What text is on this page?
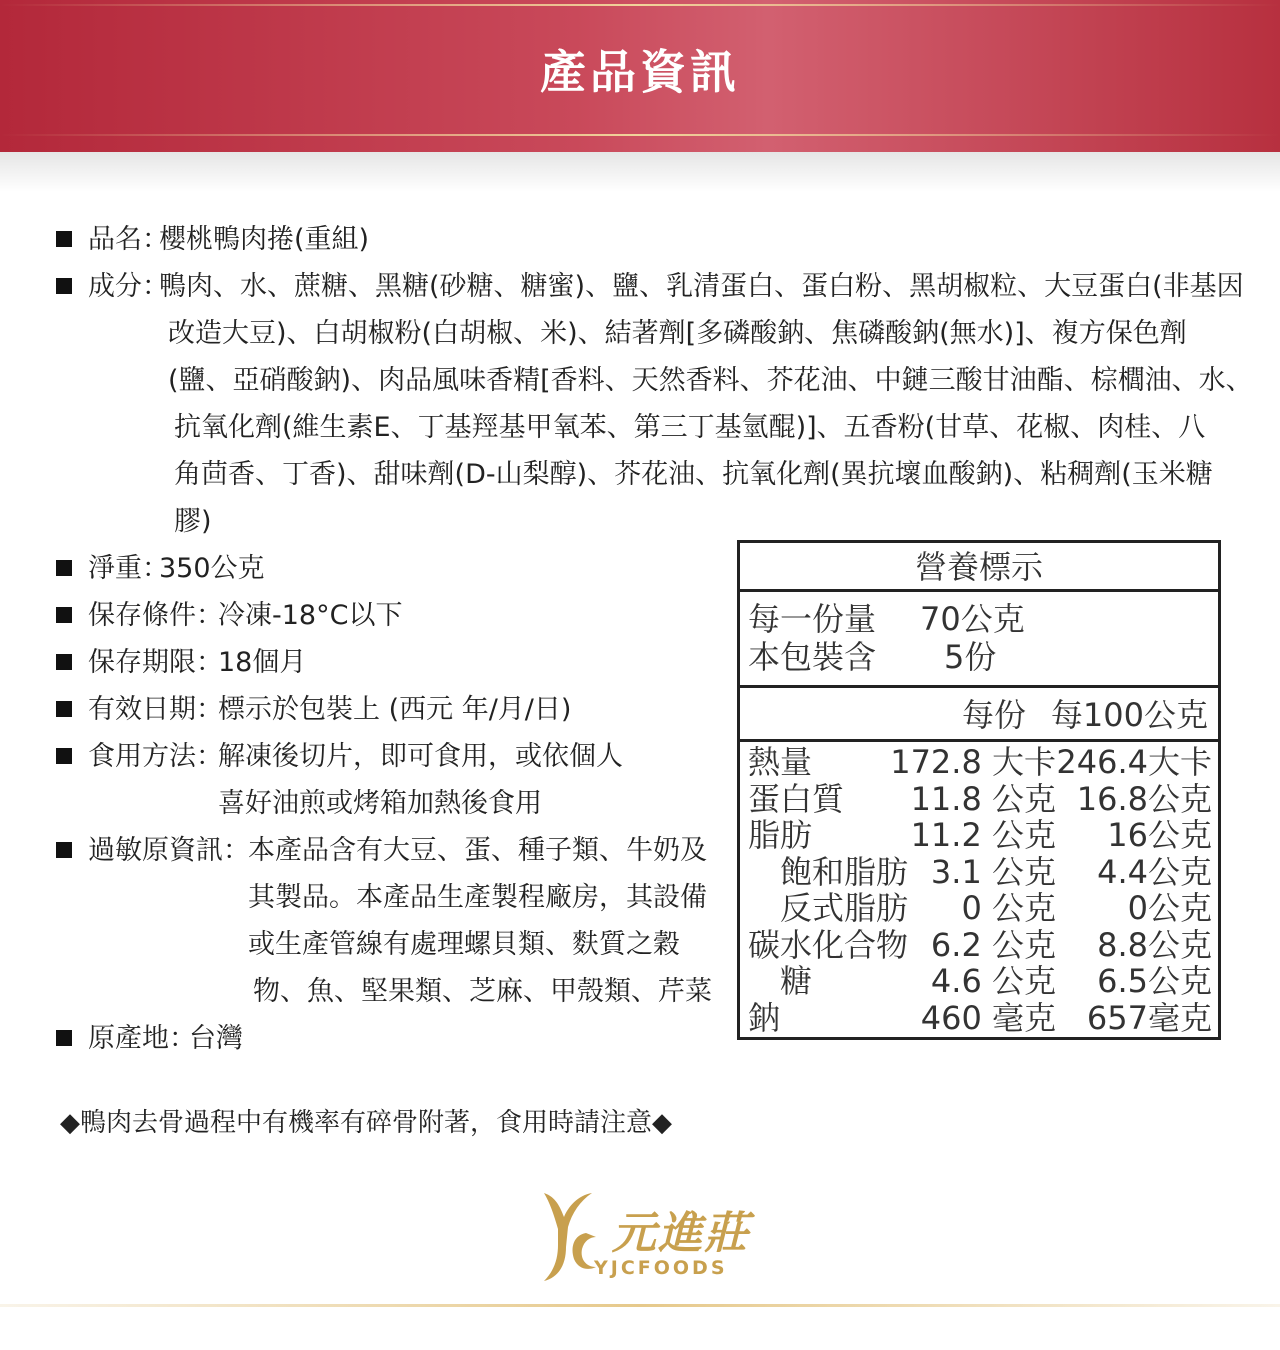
產品資訊
品名：
櫻桃鴨肉捲(重組)
成分：
鴨肉、水、蔗糖、黑糖(砂糖、糖蜜)、鹽、乳清蛋白、蛋白粉、黑胡椒粒、大豆蛋白(非基因
改造大豆)、白胡椒粉(白胡椒、米)、結著劑[多磷酸鈉、焦磷酸鈉(無水)]、複方保色劑
(鹽、亞硝酸鈉)、肉品風味香精[香料、天然香料、芥花油、中鏈三酸甘油酯、棕櫚油、水、
抗氧化劑(維生素E、丁基羥基甲氧苯、第三丁基氫醌)]、五香粉(甘草、花椒、肉桂、八
角茴香、丁香)、甜味劑(D-山梨醇)、芥花油、抗氧化劑(異抗壞血酸鈉)、粘稠劑(玉米糖
膠)
淨重：
350公克
保存條件：
冷凍-18°C以下
保存期限：
18個月
有效日期：
標示於包裝上 (西元 年/月/日)
食用方法：
解凍後切片，即可食用，或依個人
喜好油煎或烤箱加熱後食用
過敏原資訊：
本產品含有大豆、蛋、種子類、牛奶及
其製品。本產品生產製程廠房，其設備
或生產管線有處理螺貝類、麩質之穀
物、魚、堅果類、芝麻、甲殼類、芹菜
原產地：
台灣
營養標示
每一份量 70公克
本包裝含 5份
每份 每100公克
熱量 172.8 大卡 246.4大卡
蛋白質 11.8 公克 16.8公克
脂肪	11.2 公克 16公克
飽和脂肪 3.1 公克 4.4公克
反式脂肪 0 公克 0公克
碳水化合物 6.2 公克 8.8公克
糖	4.6 公克 6.5公克
鈉	460 毫克 657毫克
◆鴨肉去骨過程中有機率有碎骨附著，食用時請注意◆
元進莊
YJCFOODS
